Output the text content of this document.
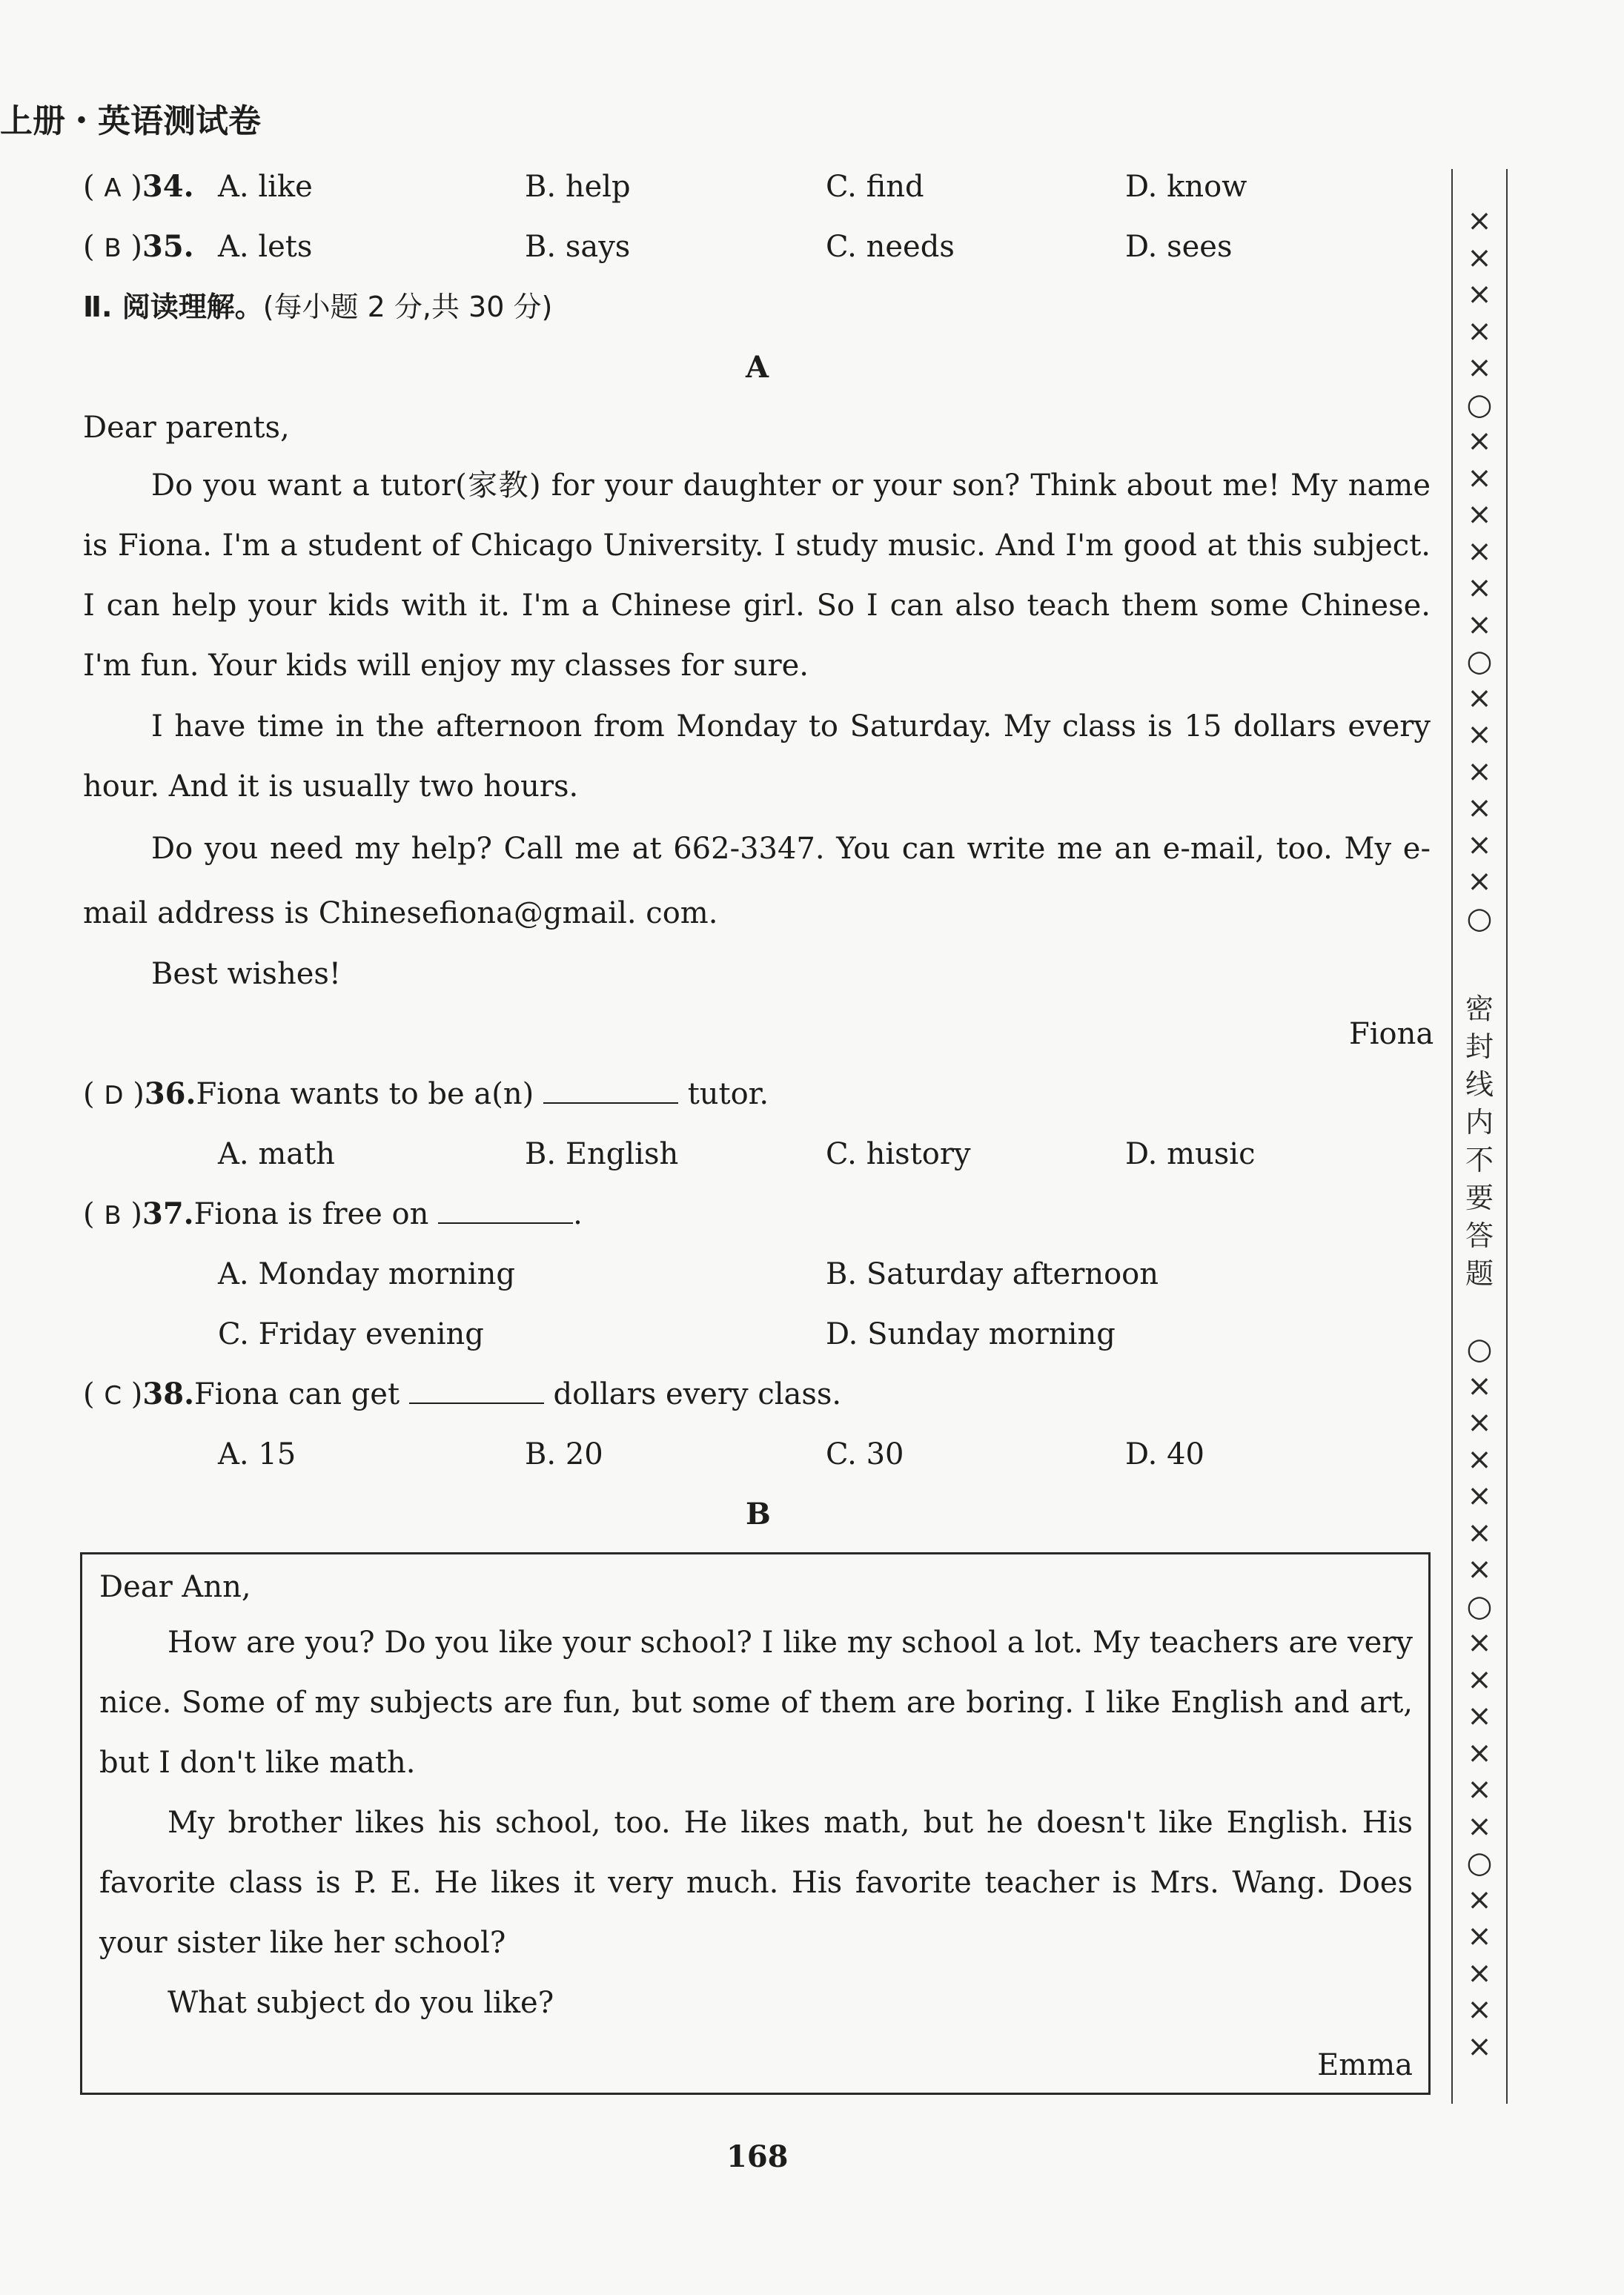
上册・英语测试卷
( A )34. A. like	B. help	C. find	D. know
( B )35. A. lets	B. says	C. needs	D. sees
Ⅱ. 阅读理解。(每小题 2 分,共 30 分)
A
Dear parents,
Do you want a tutor(家教) for your daughter or your son? Think about me! My name is Fiona. I'm a student of Chicago University. I study music. And I'm good at this subject. I can help your kids with it. I'm a Chinese girl. So I can also teach them some Chinese. I'm fun. Your kids will enjoy my classes for sure.
I have time in the afternoon from Monday to Saturday. My class is 15 dollars every hour. And it is usually two hours.
Do you need my help? Call me at 662-3347. You can write me an e-mail, too. My e-mail address is Chinesefiona@gmail. com.
Best wishes!
Fiona
( D )36.Fiona wants to be a(n)	tutor.
A. math	B. English	C. history	D. music
( B )37.Fiona is free on	.
A. Monday morning	B. Saturday afternoon
C. Friday evening	D. Sunday morning
( C )38.Fiona can get	dollars every class.
A. 15	B. 20	C. 30	D. 40
B
Dear Ann,
How are you? Do you like your school? I like my school a lot. My teachers are very nice. Some of my subjects are fun, but some of them are boring. I like English and art, but I don't like math.
My brother likes his school, too. He likes math, but he doesn't like English. His favorite class is P. E. He likes it very much. His favorite teacher is Mrs. Wang. Does your sister like her school?
What subject do you like?
Emma
168
×
×
×
×
×
○
×
×
×
×
×
×
○
×
×
×
×
×
×
○
○
×
×
×
×
×
×
○
×
×
×
×
×
×
○
×
×
×
×
×
密
封
线
内
不
要
答
题
